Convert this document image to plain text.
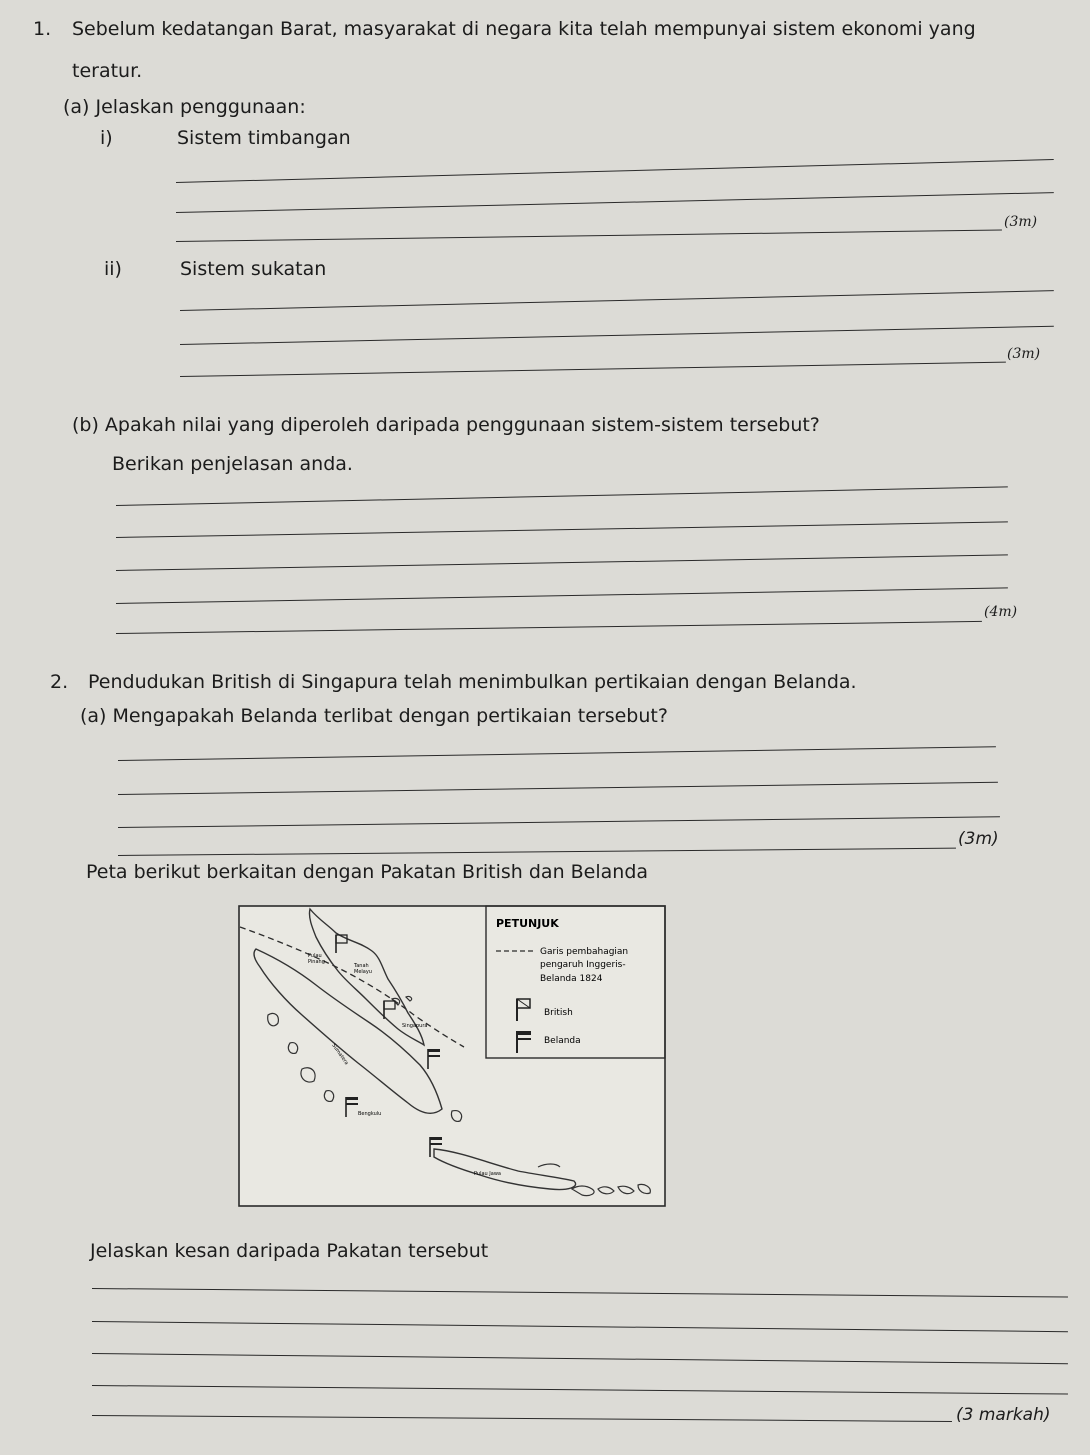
1. Sebelum kedatangan Barat, masyarakat di negara kita telah mempunyai sistem ekonomi yang
teratur.
(a) Jelaskan penggunaan:
i)	Sistem timbangan
(3m)
ii)	Sistem sukatan
(3m)
(b) Apakah nilai yang diperoleh daripada penggunaan sistem-sistem tersebut?
Berikan penjelasan anda.
(4m)
2. Pendudukan British di Singapura telah menimbulkan pertikaian dengan Belanda.
(a) Mengapakah Belanda terlibat dengan pertikaian tersebut?
(3m)
Peta berikut berkaitan dengan Pakatan British dan Belanda
PETUNJUK
Garis pembahagian
pengaruh Inggeris-
Belanda 1824
British
Belanda
Pulau
Pinang
Tanah
Melayu
Singapura
Sumatera
Bengkulu
Pulau Jawa
Jelaskan kesan daripada Pakatan tersebut
(3 markah)
